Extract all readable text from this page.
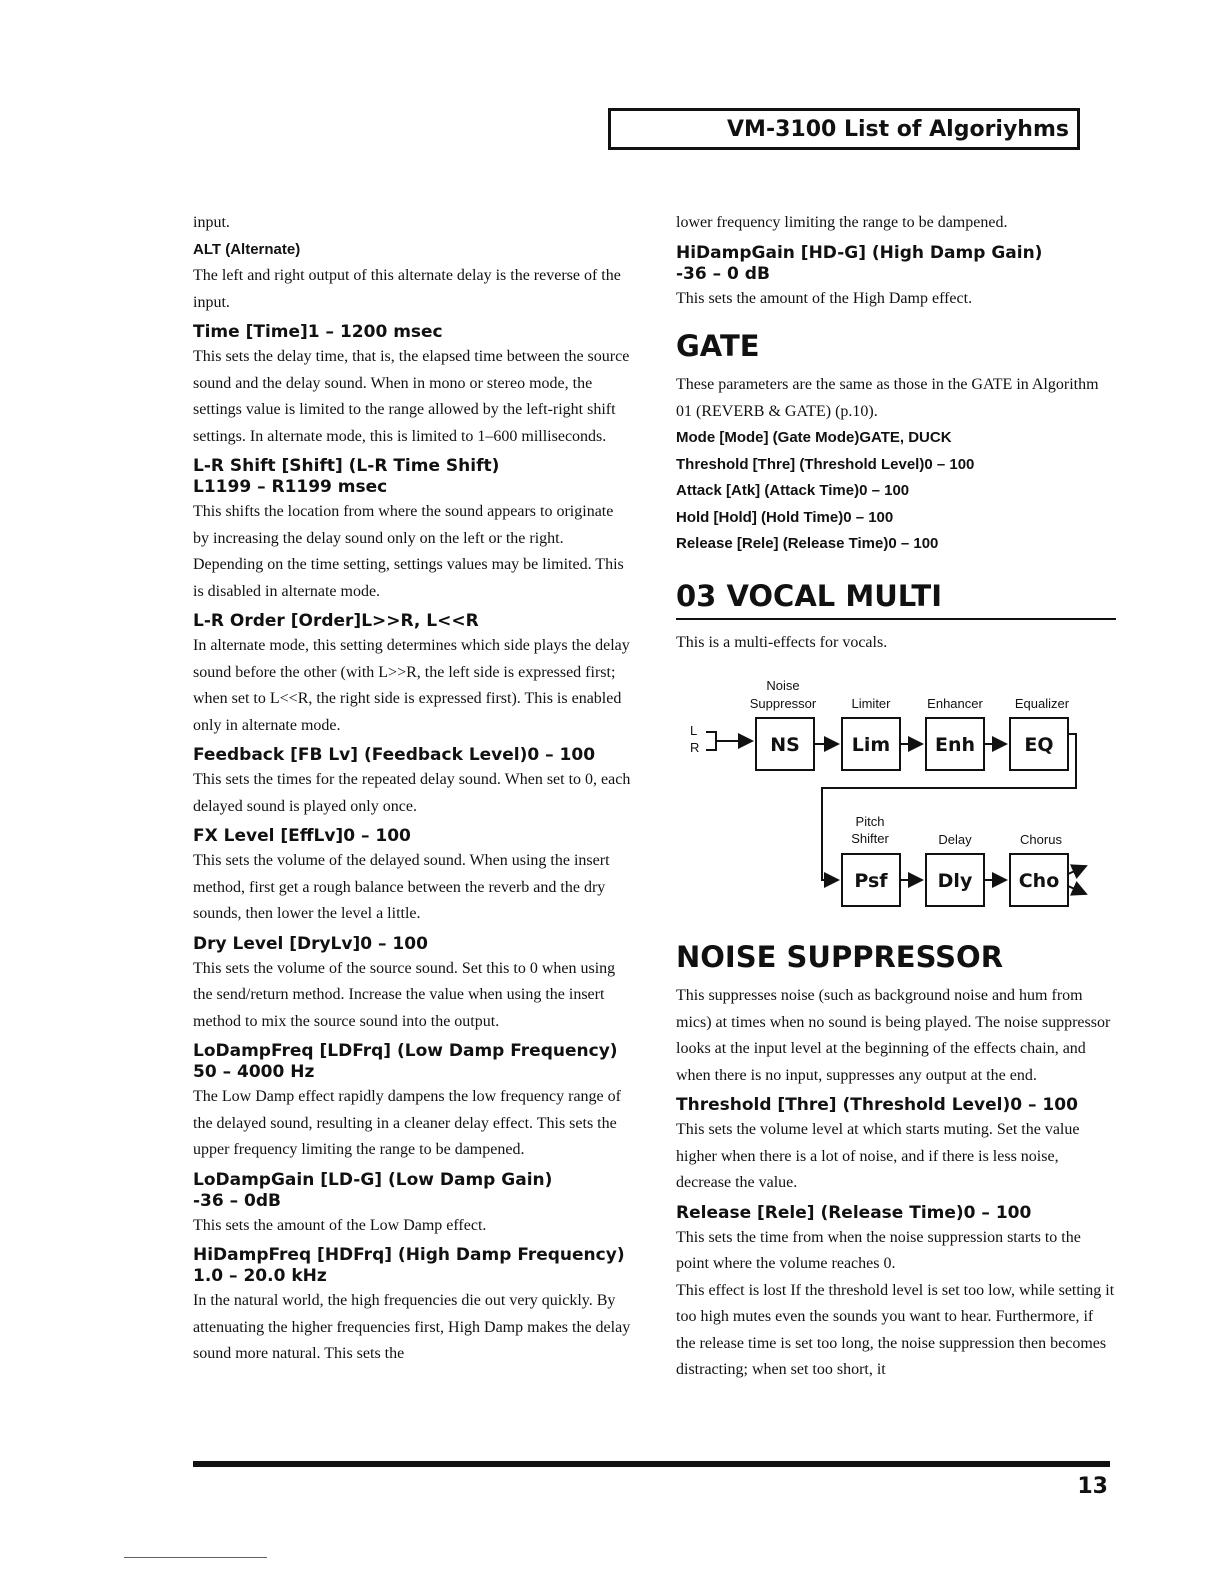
VM-3100 List of Algoriyhms

input.

ALT (Alternate)

The left and right output of this alternate delay is the reverse of the input.

Time [Time]1 – 1200 msec

This sets the delay time, that is, the elapsed time between the source sound and the delay sound. When in mono or stereo mode, the settings value is limited to the range allowed by the left-right shift settings. In alternate mode, this is limited to 1–600 milliseconds.

L-R Shift [Shift] (L-R Time Shift)
L1199 – R1199 msec

This shifts the location from where the sound appears to originate by increasing the delay sound only on the left or the right. Depending on the time setting, settings values may be limited. This is disabled in alternate mode.

L-R Order [Order]L>>R, L<<R

In alternate mode, this setting determines which side plays the delay sound before the other (with L>>R, the left side is expressed first; when set to L<<R, the right side is expressed first). This is enabled only in alternate mode.

Feedback [FB Lv] (Feedback Level)0 – 100

This sets the times for the repeated delay sound. When set to 0, each delayed sound is played only once.

FX Level [EffLv]0 – 100

This sets the volume of the delayed sound. When using the insert method, first get a rough balance between the reverb and the dry sounds, then lower the level a little.

Dry Level [DryLv]0 – 100

This sets the volume of the source sound. Set this to 0 when using the send/return method. Increase the value when using the insert method to mix the source sound into the output.

LoDampFreq [LDFrq] (Low Damp Frequency)
50 – 4000 Hz

The Low Damp effect rapidly dampens the low frequency range of the delayed sound, resulting in a cleaner delay effect. This sets the upper frequency limiting the range to be dampened.

LoDampGain [LD-G] (Low Damp Gain)
-36 – 0dB

This sets the amount of the Low Damp effect.

HiDampFreq [HDFrq] (High Damp Frequency)
1.0 – 20.0 kHz

In the natural world, the high frequencies die out very quickly. By attenuating the higher frequencies first, High Damp makes the delay sound more natural. This sets the

lower frequency limiting the range to be dampened.

HiDampGain [HD-G] (High Damp Gain)
-36 – 0 dB

This sets the amount of the High Damp effect.

GATE

These parameters are the same as those in the GATE in Algorithm 01 (REVERB & GATE) (p.10).

Mode [Mode] (Gate Mode)GATE, DUCK

Threshold [Thre] (Threshold Level)0 – 100

Attack [Atk] (Attack Time)0 – 100

Hold [Hold] (Hold Time)0 – 100

Release [Rele] (Release Time)0 – 100

03 VOCAL MULTI

This is a multi-effects for vocals.

Noise
Suppressor	Limiter	Enhancer Equalizer
L
R
Pitch
Shifter	Delay	Chorus
NS	Lim Enh	EQ
Psf	Dly Cho
NOISE SUPPRESSOR

This suppresses noise (such as background noise and hum from mics) at times when no sound is being played. The noise suppressor looks at the input level at the beginning of the effects chain, and when there is no input, suppresses any output at the end.

Threshold [Thre] (Threshold Level)0 – 100

This sets the volume level at which starts muting. Set the value higher when there is a lot of noise, and if there is less noise, decrease the value.

Release [Rele] (Release Time)0 – 100

This sets the time from when the noise suppression starts to the point where the volume reaches 0.

This effect is lost If the threshold level is set too low, while setting it too high mutes even the sounds you want to hear. Furthermore, if the release time is set too long, the noise suppression then becomes distracting; when set too short, it

13
